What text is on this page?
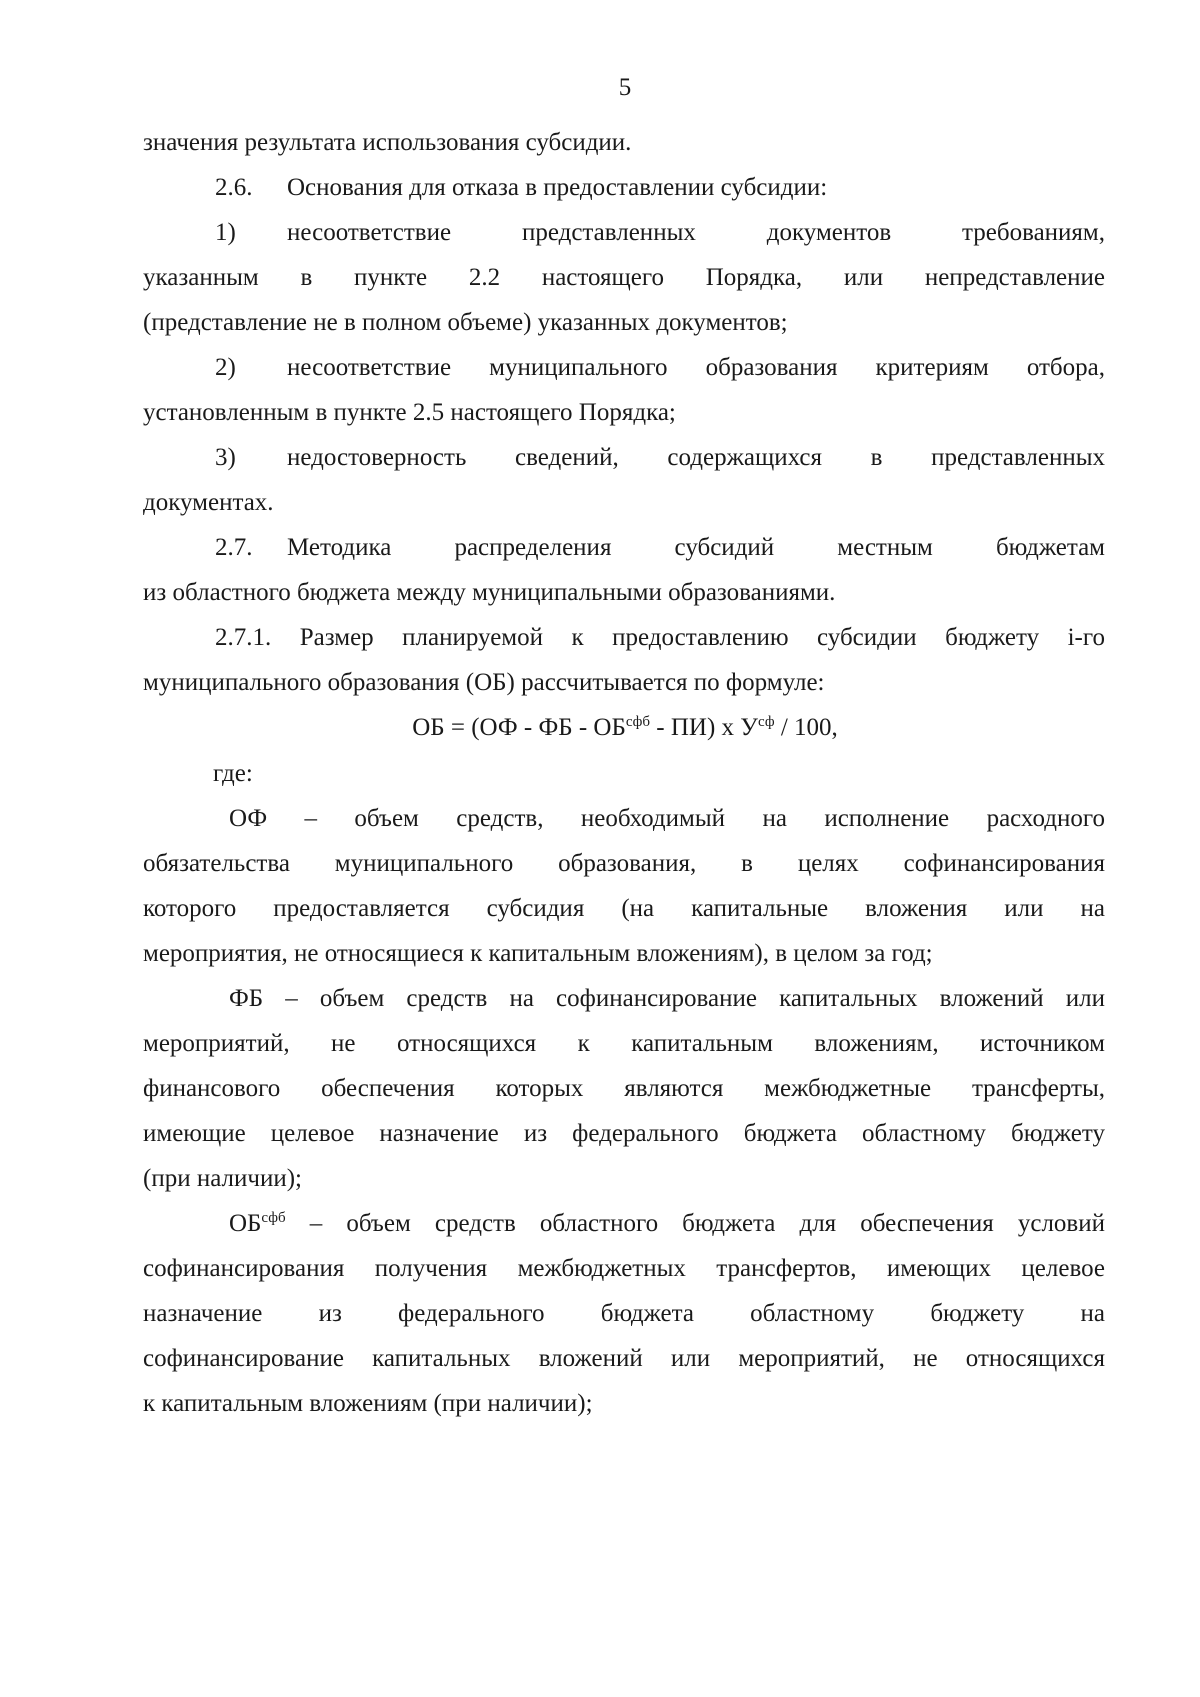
5
значения результата использования субсидии.
2.6. Основания для отказа в предоставлении субсидии:
1) несоответствие представленных документов требованиям,
указанным в пункте 2.2 настоящего Порядка, или непредставление
(представление не в полном объеме) указанных документов;
2) несоответствие муниципального образования критериям отбора,
установленным в пункте 2.5 настоящего Порядка;
3) недостоверность сведений, содержащихся в представленных
документах.
2.7. Методика распределения субсидий местным бюджетам
из областного бюджета между муниципальными образованиями.
2.7.1. Размер планируемой к предоставлению субсидии бюджету i-го
муниципального образования (ОБ) рассчитывается по формуле:
ОБ = (ОФ - ФБ - $ОБ^{сфб} - ПИ$) х $У^{сф} / 100$,
где:
ОФ – объем средств, необходимый на исполнение расходного
обязательства муниципального образования, в целях софинансирования
которого предоставляется субсидия (на капитальные вложения или на
мероприятия, не относящиеся к капитальным вложениям), в целом за год;
ФБ – объем средств на софинансирование капитальных вложений или
мероприятий, не относящихся к капитальным вложениям, источником
финансового обеспечения которых являются межбюджетные трансферты,
имеющие целевое назначение из федерального бюджета областному бюджету
(при наличии);
$ОБ^{сфб}$ – объем средств областного бюджета для обеспечения условий
софинансирования получения межбюджетных трансфертов, имеющих целевое
назначение из федерального бюджета областному бюджету на
софинансирование капитальных вложений или мероприятий, не относящихся
к капитальным вложениям (при наличии);
